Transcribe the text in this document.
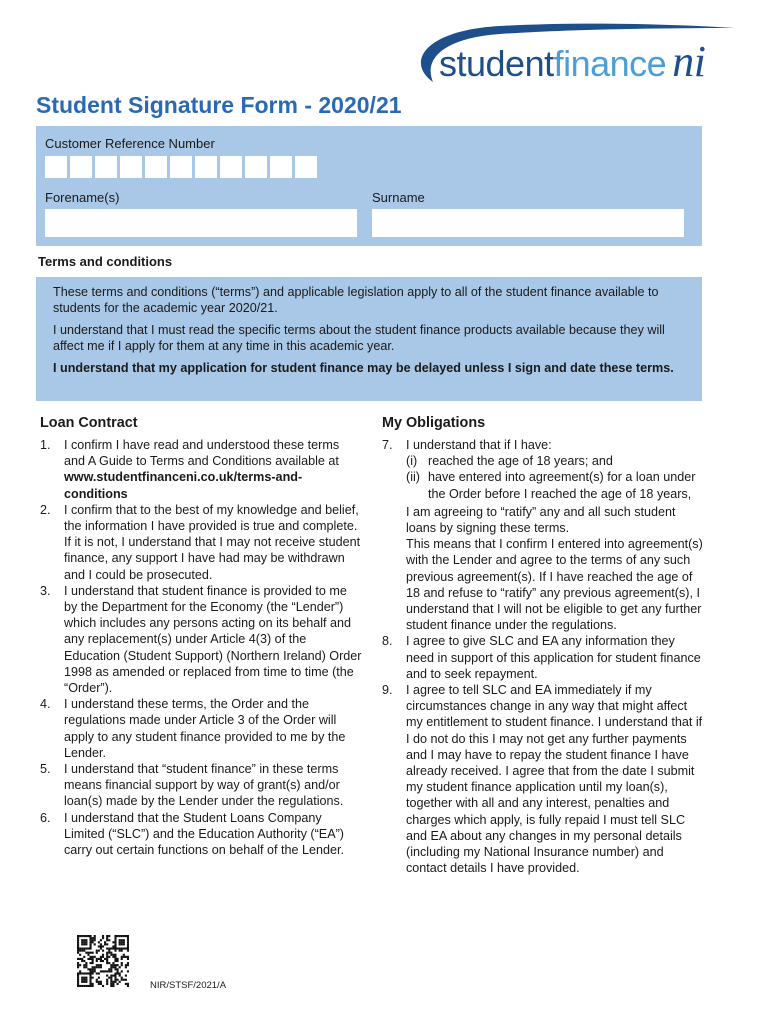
studentfinance ni
Student Signature Form - 2020/21
Customer Reference Number
Forename(s)	Surname
Terms and conditions

These terms and conditions (“terms”) and applicable legislation apply to all of the student finance available to students for the academic year 2020/21.

I understand that I must read the specific terms about the student finance products available because they will affect me if I apply for them at any time in this academic year.

I understand that my application for student finance may be delayed unless I sign and date these terms.

Loan Contract
1.	I confirm I have read and understood these terms and A Guide to Terms and Conditions available at
www.studentfinanceni.co.uk/terms-and-conditions
2.	I confirm that to the best of my knowledge and belief, the information I have provided is true and complete. If it is not, I understand that I may not receive student finance, any support I have had may be withdrawn and I could be prosecuted.
3.	I understand that student finance is provided to me by the Department for the Economy (the “Lender”) which includes any persons acting on its behalf and any replacement(s) under Article 4(3) of the Education (Student Support) (Northern Ireland) Order 1998 as amended or replaced from time to time (the “Order”).
4.	I understand these terms, the Order and the regulations made under Article 3 of the Order will apply to any student finance provided to me by the Lender.
5.	I understand that “student finance” in these terms means financial support by way of grant(s) and/or loan(s) made by the Lender under the regulations.
6.	I understand that the Student Loans Company Limited (“SLC”) and the Education Authority (“EA”) carry out certain functions on behalf of the Lender.
My Obligations
7.	I understand that if I have:
(i) reached the age of 18 years; and
(ii) have entered into agreement(s) for a loan under the Order before I reached the age of 18 years,
I am agreeing to “ratify” any and all such student loans by signing these terms.
This means that I confirm I entered into agreement(s) with the Lender and agree to the terms of any such previous agreement(s). If I have reached the age of 18 and refuse to “ratify” any previous agreement(s), I understand that I will not be eligible to get any further student finance under the regulations.
8.	I agree to give SLC and EA any information they need in support of this application for student finance and to seek repayment.
9.	I agree to tell SLC and EA immediately if my circumstances change in any way that might affect my entitlement to student finance. I understand that if I do not do this I may not get any further payments and I may have to repay the student finance I have already received. I agree that from the date I submit my student finance application until my loan(s), together with all and any interest, penalties and charges which apply, is fully repaid I must tell SLC and EA about any changes in my personal details (including my National Insurance number) and contact details I have provided.
NIR/STSF/2021/A
